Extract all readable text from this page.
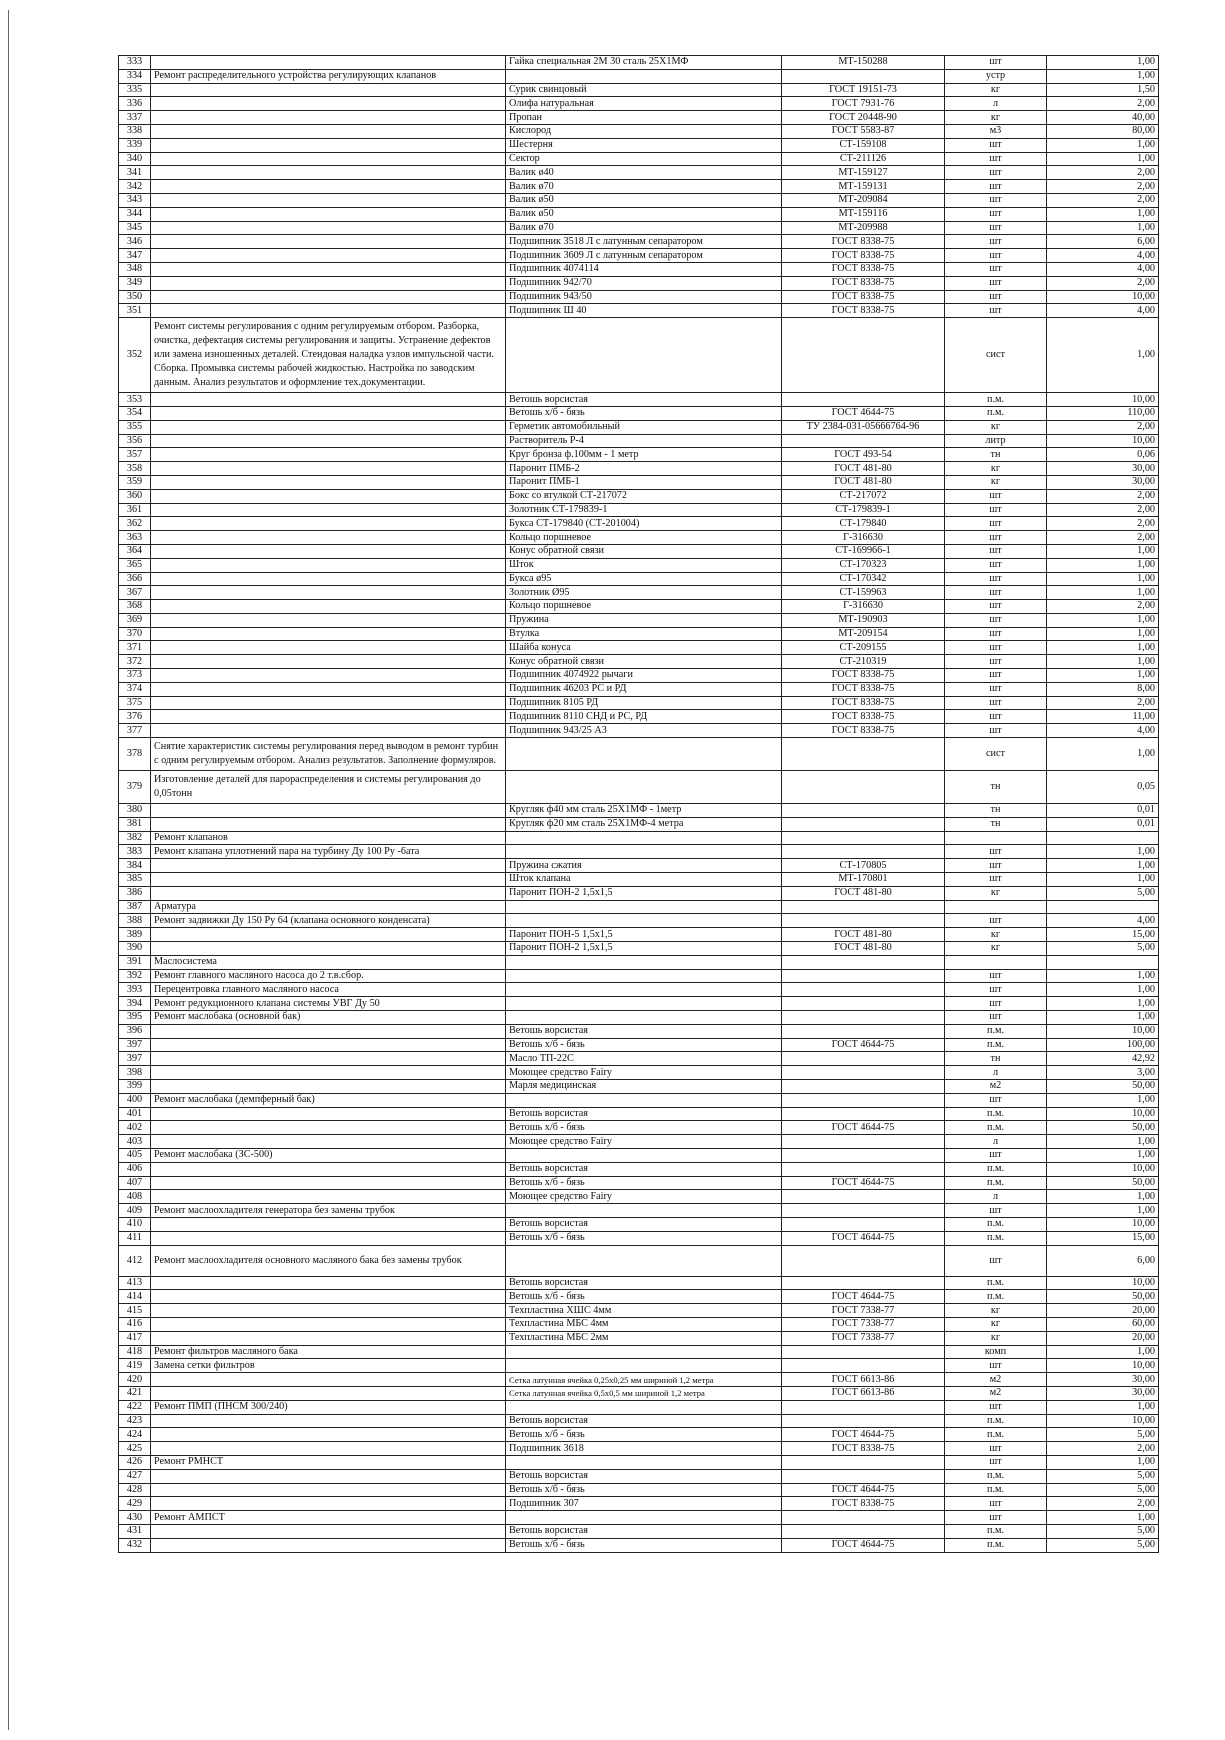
333		Гайка специальная 2М 30 сталь 25Х1МФ	МТ-150288	шт	1,00
334	Ремонт распределительного устройства регулирующих клапанов			устр	1,00
335		Сурик свинцовый	ГОСТ 19151-73	кг	1,50
336		Олифа натуральная	ГОСТ 7931-76	л	2,00
337		Пропан	ГОСТ 20448-90	кг	40,00
338		Кислород	ГОСТ 5583-87	м3	80,00
339		Шестерня	СТ-159108	шт	1,00
340		Сектор	СТ-211126	шт	1,00
341		Валик ø40	МТ-159127	шт	2,00
342		Валик ø70	МТ-159131	шт	2,00
343		Валик ø50	МТ-209084	шт	2,00
344		Валик ø50	МТ-159116	шт	1,00
345		Валик ø70	МТ-209988	шт	1,00
346		Подшипник 3518 Л с латунным сепаратором	ГОСТ 8338-75	шт	6,00
347		Подшипник 3609 Л с латунным сепаратором	ГОСТ 8338-75	шт	4,00
348		Подшипник 4074114	ГОСТ 8338-75	шт	4,00
349		Подшипник 942/70	ГОСТ 8338-75	шт	2,00
350		Подшипник 943/50	ГОСТ 8338-75	шт	10,00
351		Подшипник Ш 40	ГОСТ 8338-75	шт	4,00
352	Ремонт системы регулирования с одним регулируемым отбором. Разборка, очистка, дефектация системы регулирования и защиты. Устранение дефектов или замена изношенных деталей. Стендовая наладка узлов импульсной части. Сборка. Промывка системы рабочей жидкостью. Настройка по заводским данным. Анализ результатов и оформление тех.документации.			сист	1,00
353		Ветошь ворсистая		п.м.	10,00
354		Ветошь х/б - бязь	ГОСТ 4644-75	п.м.	110,00
355		Герметик автомобильный	ТУ 2384-031-05666764-96	кг	2,00
356		Растворитель Р-4		литр	10,00
357		Круг бронза ф.100мм - 1 метр	ГОСТ 493-54	тн	0,06
358		Паронит ПМБ-2	ГОСТ 481-80	кг	30,00
359		Паронит ПМБ-1	ГОСТ 481-80	кг	30,00
360		Бокс со втулкой СТ-217072	СТ-217072	шт	2,00
361		Золотник СТ-179839-1	СТ-179839-1	шт	2,00
362		Букса СТ-179840 (СТ-201004)	СТ-179840	шт	2,00
363		Кольцо поршневое	Г-316630	шт	2,00
364		Конус обратной связи	СТ-169966-1	шт	1,00
365		Шток	СТ-170323	шт	1,00
366		Букса ø95	СТ-170342	шт	1,00
367		Золотник Ø95	СТ-159963	шт	1,00
368		Кольцо поршневое	Г-316630	шт	2,00
369		Пружина	МТ-190903	шт	1,00
370		Втулка	МТ-209154	шт	1,00
371		Шайба конуса	СТ-209155	шт	1,00
372		Конус обратной связи	СТ-210319	шт	1,00
373		Подшипник 4074922 рычаги	ГОСТ 8338-75	шт	1,00
374		Подшипник 46203 РС и РД	ГОСТ 8338-75	шт	8,00
375		Подшипник 8105 РД	ГОСТ 8338-75	шт	2,00
376		Подшипник 8110 СНД и РС, РД	ГОСТ 8338-75	шт	11,00
377		Подшипник 943/25 А3	ГОСТ 8338-75	шт	4,00
378	Снятие характеристик системы регулирования перед выводом в ремонт турбин с одним регулируемым отбором. Анализ результатов. Заполнение формуляров.			сист	1,00
379	Изготовление деталей для парораспределения и системы регулирования до 0,05тонн			тн	0,05
380		Кругляк ф40 мм сталь 25Х1МФ - 1метр		тн	0,01
381		Кругляк ф20 мм сталь 25Х1МФ-4 метра		тн	0,01
382	Ремонт клапанов				
383	Ремонт клапана уплотнений пара на турбину Ду 100 Ру -6ата			шт	1,00
384		Пружина сжатия	СТ-170805	шт	1,00
385		Шток клапана	МТ-170801	шт	1,00
386		Паронит ПОН-2 1,5х1,5	ГОСТ 481-80	кг	5,00
387	Арматура				
388	Ремонт задвижки Ду 150 Ру 64 (клапана основного конденсата)			шт	4,00
389		Паронит ПОН-5 1,5х1,5	ГОСТ 481-80	кг	15,00
390		Паронит ПОН-2 1,5х1,5	ГОСТ 481-80	кг	5,00
391	Маслосистема				
392	Ремонт главного масляного насоса до 2 т.в.сбор.			шт	1,00
393	Перецентровка главного масляного насоса			шт	1,00
394	Ремонт редукционного клапана системы УВГ Ду 50			шт	1,00
395	Ремонт маслобака (основной бак)			шт	1,00
396		Ветошь ворсистая		п.м.	10,00
397		Ветошь х/б - бязь	ГОСТ 4644-75	п.м.	100,00
397		Масло ТП-22С		тн	42,92
398		Моющее средство Fairy		л	3,00
399		Марля медицинская		м2	50,00
400	Ремонт маслобака (демпферный бак)			шт	1,00
401		Ветошь ворсистая		п.м.	10,00
402		Ветошь х/б - бязь	ГОСТ 4644-75	п.м.	50,00
403		Моющее средство Fairy		л	1,00
405	Ремонт маслобака (ЗС-500)			шт	1,00
406		Ветошь ворсистая		п.м.	10,00
407		Ветошь х/б - бязь	ГОСТ 4644-75	п.м.	50,00
408		Моющее средство Fairy		л	1,00
409	Ремонт маслоохладителя генератора без замены трубок			шт	1,00
410		Ветошь ворсистая		п.м.	10,00
411		Ветошь х/б - бязь	ГОСТ 4644-75	п.м.	15,00
412	Ремонт маслоохладителя основного масляного бака без замены трубок			шт	6,00
413		Ветошь ворсистая		п.м.	10,00
414		Ветошь х/б - бязь	ГОСТ 4644-75	п.м.	50,00
415		Техпластина ХШС 4мм	ГОСТ 7338-77	кг	20,00
416		Техпластина МБС 4мм	ГОСТ 7338-77	кг	60,00
417		Техпластина МБС 2мм	ГОСТ 7338-77	кг	20,00
418	Ремонт фильтров масляного бака			комп	1,00
419	Замена сетки фильтров			шт	10,00
420		Сетка латунная ячейка 0,25х0,25 мм шириной 1,2 метра	ГОСТ 6613-86	м2	30,00
421		Сетка латунная ячейка 0,5х0,5 мм шириной 1,2 метра	ГОСТ 6613-86	м2	30,00
422	Ремонт ПМП (ПНСМ 300/240)			шт	1,00
423		Ветошь ворсистая		п.м.	10,00
424		Ветошь х/б - бязь	ГОСТ 4644-75	п.м.	5,00
425		Подшипник 3618	ГОСТ 8338-75	шт	2,00
426	Ремонт РМНСТ			шт	1,00
427		Ветошь ворсистая		п.м.	5,00
428		Ветошь х/б - бязь	ГОСТ 4644-75	п.м.	5,00
429		Подшипник 307	ГОСТ 8338-75	шт	2,00
430	Ремонт АМПСТ			шт	1,00
431		Ветошь ворсистая		п.м.	5,00
432		Ветошь х/б - бязь	ГОСТ 4644-75	п.м.	5,00
